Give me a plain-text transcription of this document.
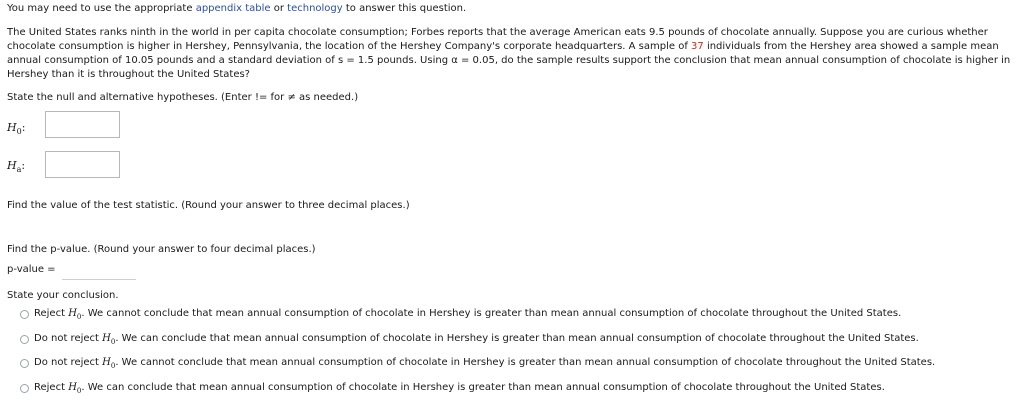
You may need to use the appropriate appendix table or technology to answer this question.
The United States ranks ninth in the world in per capita chocolate consumption; Forbes reports that the average American eats 9.5 pounds of chocolate annually. Suppose you are curious whether chocolate consumption is higher in Hershey, Pennsylvania, the location of the Hershey Company's corporate headquarters. A sample of 37 individuals from the Hershey area showed a sample mean annual consumption of 10.05 pounds and a standard deviation of s = 1.5 pounds. Using α = 0.05, do the sample results support the conclusion that mean annual consumption of chocolate is higher in Hershey than it is throughout the United States?
State the null and alternative hypotheses. (Enter != for ≠ as needed.)
$H_0$:
$H_a$:
Find the value of the test statistic. (Round your answer to three decimal places.)
Find the p-value. (Round your answer to four decimal places.)
p-value =
State your conclusion.
Reject $H_0$. We cannot conclude that mean annual consumption of chocolate in Hershey is greater than mean annual consumption of chocolate throughout the United States.
Do not reject $H_0$. We can conclude that mean annual consumption of chocolate in Hershey is greater than mean annual consumption of chocolate throughout the United States.
Do not reject $H_0$. We cannot conclude that mean annual consumption of chocolate in Hershey is greater than mean annual consumption of chocolate throughout the United States.
Reject $H_0$. We can conclude that mean annual consumption of chocolate in Hershey is greater than mean annual consumption of chocolate throughout the United States.
